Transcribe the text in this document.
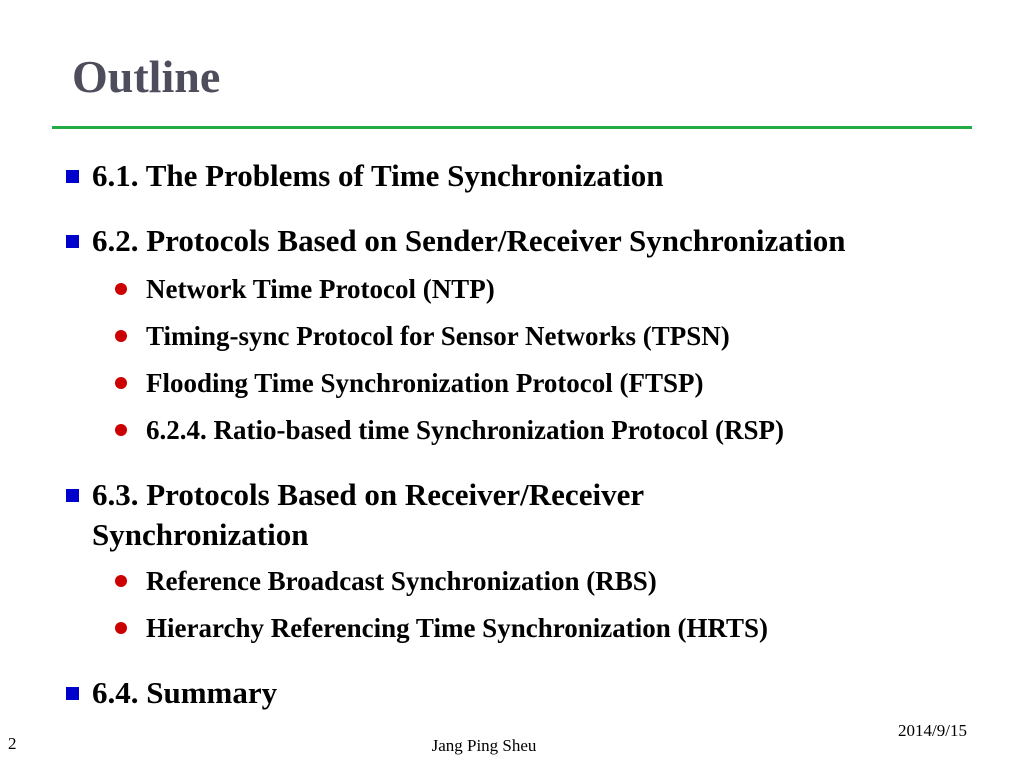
Outline
6.1. The Problems of Time Synchronization
6.2. Protocols Based on Sender/Receiver Synchronization
Network Time Protocol (NTP)
Timing-sync Protocol for Sensor Networks (TPSN)
Flooding Time Synchronization Protocol (FTSP)
6.2.4. Ratio-based time Synchronization Protocol (RSP)
6.3. Protocols Based on Receiver/Receiver Synchronization
Reference Broadcast Synchronization (RBS)
Hierarchy Referencing Time Synchronization (HRTS)
6.4. Summary
2	Jang Ping Sheu
2014/9/15
